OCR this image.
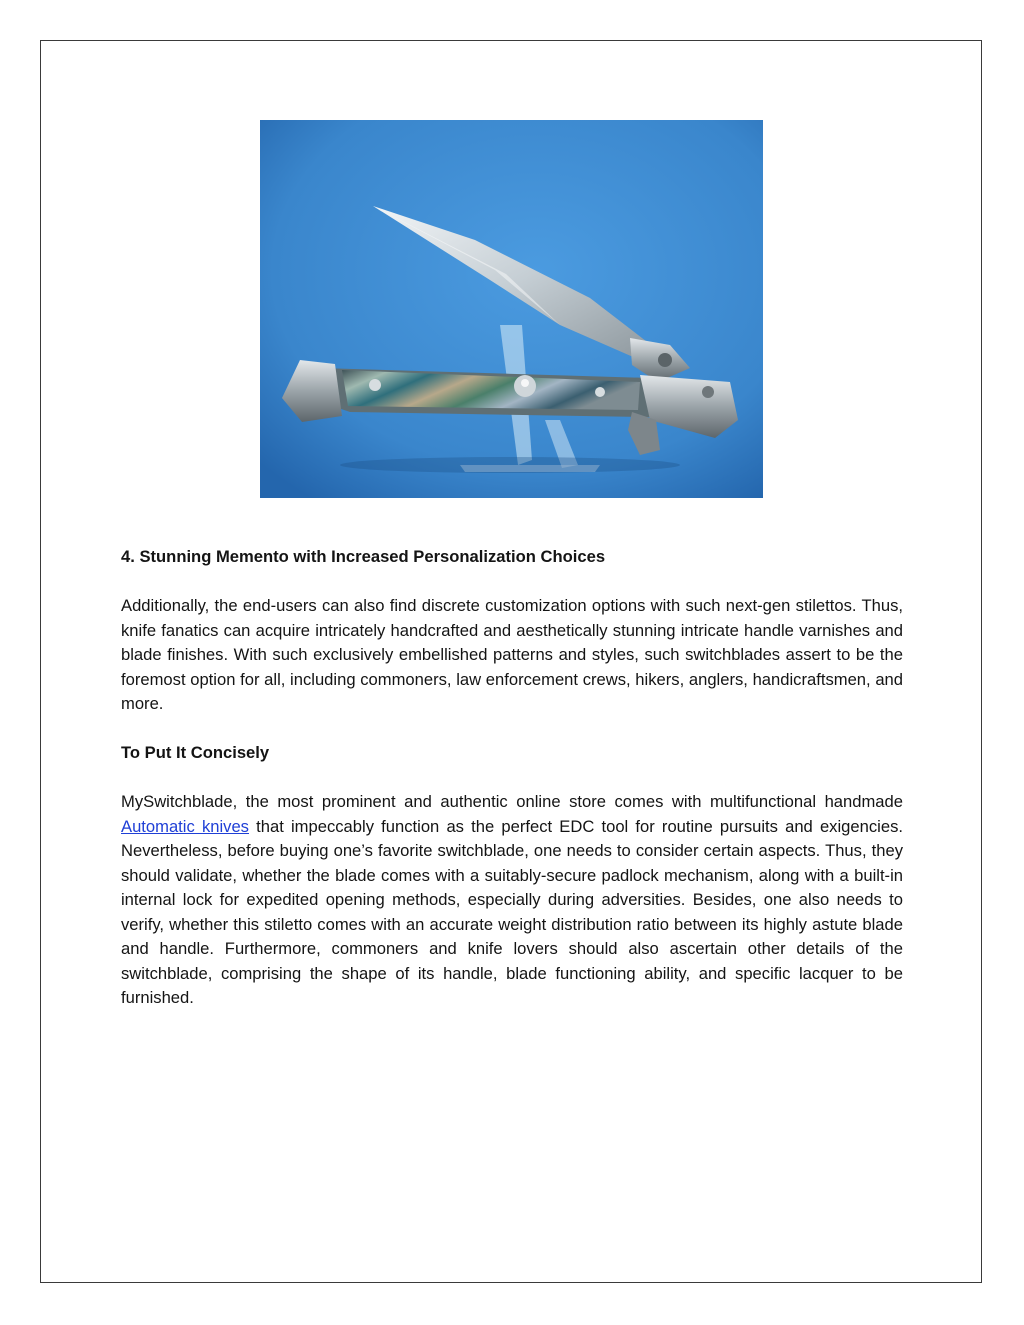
4. Stunning Memento with Increased Personalization Choices

Additionally, the end-users can also find discrete customization options with such next-gen stilettos. Thus, knife fanatics can acquire intricately handcrafted and aesthetically stunning intricate handle varnishes and blade finishes. With such exclusively embellished patterns and styles, such switchblades assert to be the foremost option for all, including commoners, law enforcement crews, hikers, anglers, handicraftsmen, and more.

To Put It Concisely

MySwitchblade, the most prominent and authentic online store comes with multifunctional handmade Automatic knives that impeccably function as the perfect EDC tool for routine pursuits and exigencies. Nevertheless, before buying one’s favorite switchblade, one needs to consider certain aspects. Thus, they should validate, whether the blade comes with a suitably-secure padlock mechanism, along with a built-in internal lock for expedited opening methods, especially during adversities. Besides, one also needs to verify, whether this stiletto comes with an accurate weight distribution ratio between its highly astute blade and handle. Furthermore, commoners and knife lovers should also ascertain other details of the switchblade, comprising the shape of its handle, blade functioning ability, and specific lacquer to be furnished.
